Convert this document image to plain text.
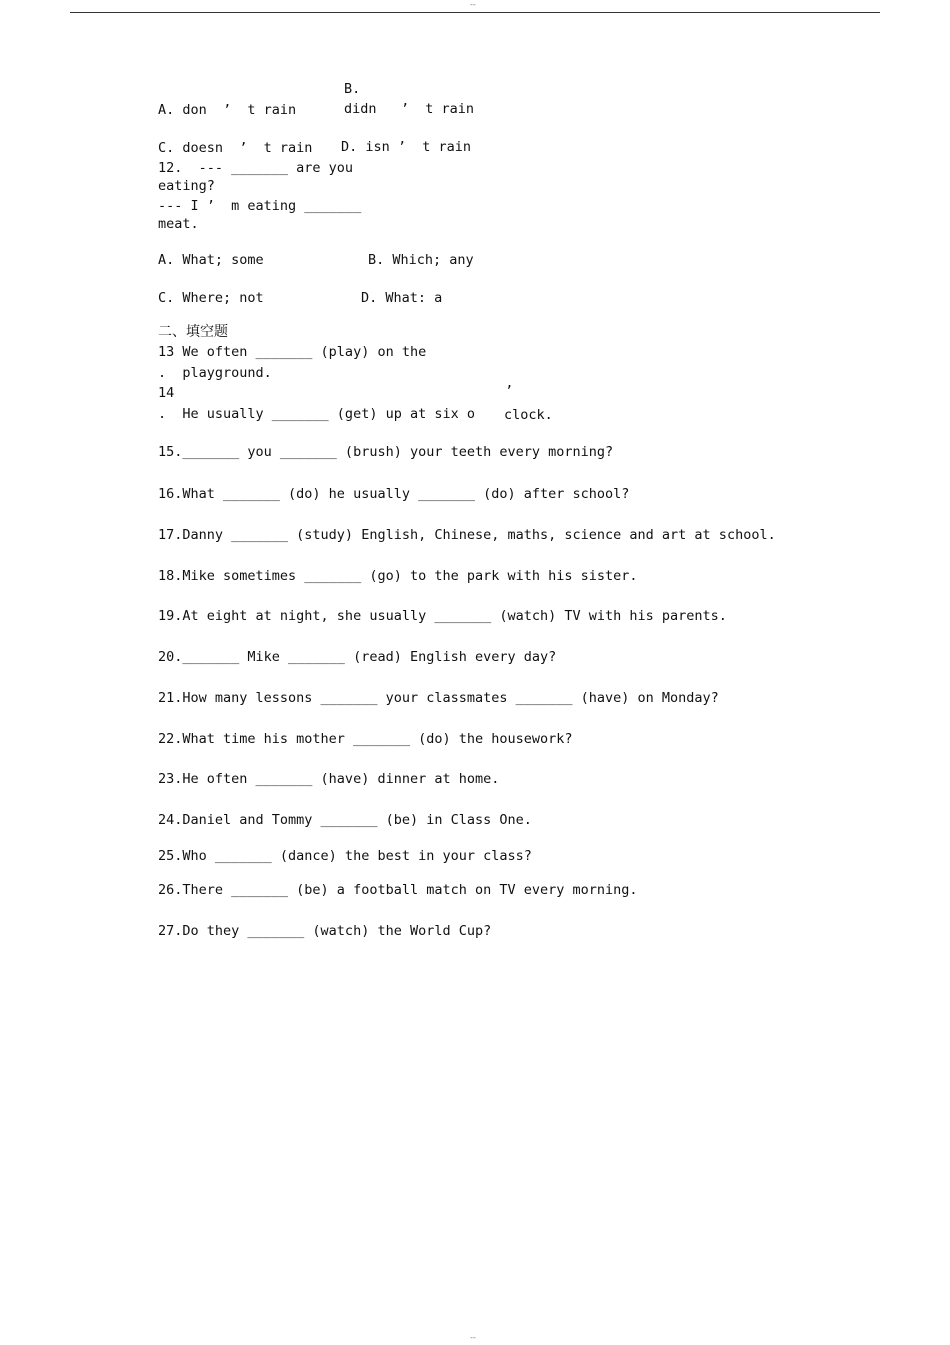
--
B.
A. don  ’  t rain	didn   ’  t rain
C. doesn  ’  t rain D. isn ’  t rain
12.  --- _______ are you
eating?
--- I ’  m eating _______
meat.
A. What; some	B. Which; any
C. Where; not	D. What: a
二、填空题
13 We often _______ (play) on the
.  playground.
14	’
.  He usually _______ (get) up at six o clock.
15._______ you _______ (brush) your teeth every morning?
16.What _______ (do) he usually _______ (do) after school?
17.Danny _______ (study) English, Chinese, maths, science and art at school.
18.Mike sometimes _______ (go) to the park with his sister.
19.At eight at night, she usually _______ (watch) TV with his parents.
20._______ Mike _______ (read) English every day?
21.How many lessons _______ your classmates _______ (have) on Monday?
22.What time his mother _______ (do) the housework?
23.He often _______ (have) dinner at home.
24.Daniel and Tommy _______ (be) in Class One.
25.Who _______ (dance) the best in your class?
26.There _______ (be) a football match on TV every morning.
27.Do they _______ (watch) the World Cup?
--
